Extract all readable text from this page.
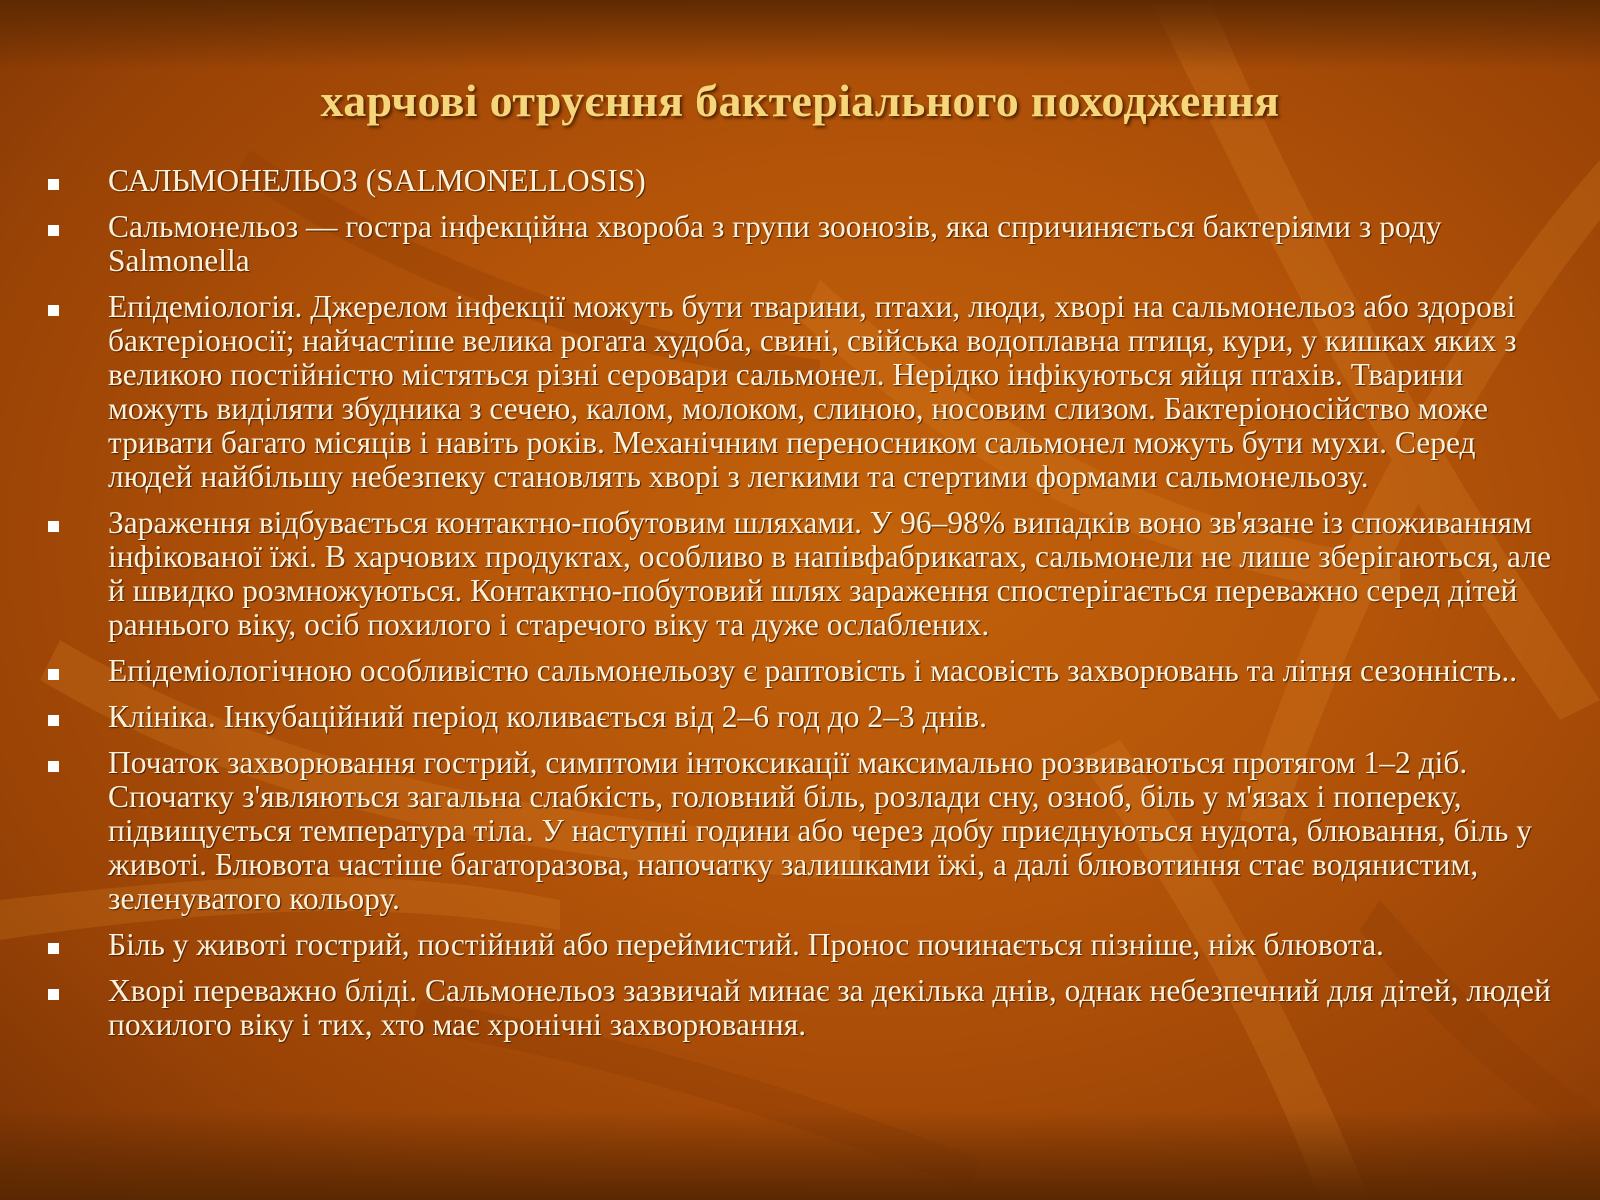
харчові отруєння бактеріального походження
САЛЬМОНЕЛЬОЗ (SALMONELLOSIS)
Сальмонельоз — гостра інфекційна хвороба з групи зоонозів, яка спричиняється бактеріями з роду Salmonella
Епідеміологія. Джерелом інфекції можуть бути тварини, птахи, люди, хворі на сальмонельоз або здорові бактеріоносії; найчастіше велика рогата худоба, свині, свійська водоплавна птиця, кури, у кишках яких з великою постійністю містяться різні серовари сальмонел. Нерідко інфікуються яйця птахів. Тварини можуть виділяти збудника з сечею, калом, молоком, слиною, носовим слизом. Бактеріоносійство може тривати багато місяців і навіть років. Механічним переносником сальмонел можуть бути мухи. Серед людей найбільшу небезпеку становлять хворі з легкими та стертими формами сальмонельозу.
Зараження відбувається контактно-побутовим шляхами. У 96–98% випадків воно зв'язане із споживанням інфікованої їжі. В харчових продуктах, особливо в напівфабрикатах, сальмонели не лише зберігаються, але й швидко розмножуються. Контактно-побутовий шлях зараження спостерігається переважно серед дітей раннього віку, осіб похилого і старечого віку та дуже ослаблених.
Епідеміологічною особливістю сальмонельозу є раптовість і масовість захворювань та літня сезонність..
Клініка. Інкубаційний період коливається від 2–6 год до 2–3 днів.
Початок захворювання гострий, симптоми інтоксикації максимально розвиваються протягом 1–2 діб. Спочатку з'являються загальна слабкість, головний біль, розлади сну, озноб, біль у м'язах і попереку, підвищується температура тіла. У наступні години або через добу приєднуються нудота, блювання, біль у животі. Блювота частіше багаторазова, напочатку залишками їжі, а далі блювотиння стає водянистим, зеленуватого кольору.
Біль у животі гострий, постійний або переймистий. Пронос починається пізніше, ніж блювота.
Хворі переважно бліді. Сальмонельоз зазвичай минає за декілька днів, однак небезпечний для дітей, людей похилого віку і тих, хто має хронічні захворювання.
